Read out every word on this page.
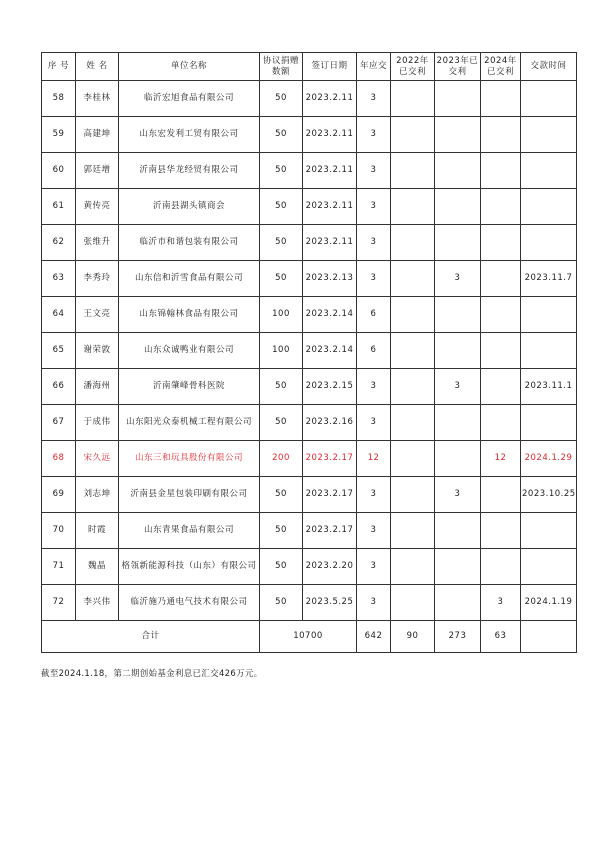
序 号	姓 名	单位名称	协议捐赠数额	签订日期	年应交	2022年已交利	2023年已交利	2024年已交利	交款时间
58	李桂林	临沂宏旭食品有限公司	50	2023.2.11	3				
59	高建坤	山东宏发利工贸有限公司	50	2023.2.11	3				
60	郭廷增	沂南县华龙经贸有限公司	50	2023.2.11	3				
61	黄传亮	沂南县湖头镇商会	50	2023.2.11	3				
62	张维升	临沂市和谐包装有限公司	50	2023.2.11	3				
63	李秀玲	山东信和沂雪食品有限公司	50	2023.2.13	3		3		2023.11.7
64	王文亮	山东锦翰林食品有限公司	100	2023.2.14	6				
65	谢荣敦	山东众诚鸭业有限公司	100	2023.2.14	6				
66	潘海州	沂南肇峰骨科医院	50	2023.2.15	3		3		2023.11.1
67	于成伟	山东阳光众泰机械工程有限公司	50	2023.2.16	3				
68	宋久远	山东三和玩具股份有限公司	200	2023.2.17	12			12	2024.1.29
69	刘志坤	沂南县金星包装印刷有限公司	50	2023.2.17	3		3		2023.10.25
70	时霞	山东青果食品有限公司	50	2023.2.17	3				
71	魏晶	格瓴新能源科技（山东）有限公司	50	2023.2.20	3				
72	李兴伟	临沂施乃通电气技术有限公司	50	2023.5.25	3			3	2024.1.19
合计			10700		642	90	273	63	
截至2024.1.18，第二期创始基金利息已汇交426万元。
